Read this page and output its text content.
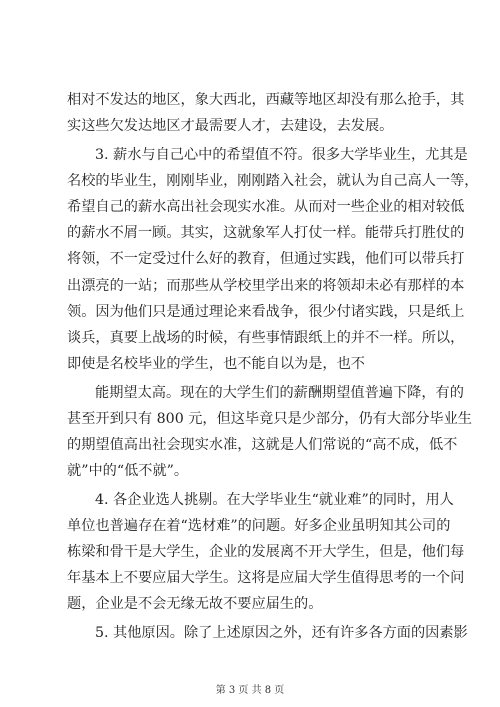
相对不发达的地区，象大西北，西藏等地区却没有那么抢手，其
实这些欠发达地区才最需要人才，去建设，去发展。
3. 薪水与自己心中的希望值不符。很多大学毕业生，尤其是
名校的毕业生，刚刚毕业，刚刚踏入社会，就认为自己高人一等，
希望自己的薪水高出社会现实水准。从而对一些企业的相对较低
的薪水不屑一顾。其实，这就象军人打仗一样。能带兵打胜仗的
将领，不一定受过什么好的教育，但通过实践，他们可以带兵打
出漂亮的一站；而那些从学校里学出来的将领却未必有那样的本
领。因为他们只是通过理论来看战争，很少付诸实践，只是纸上
谈兵，真要上战场的时候，有些事情跟纸上的并不一样。所以，
即使是名校毕业的学生，也不能自以为是，也不
能期望太高。现在的大学生们的薪酬期望值普遍下降，有的
甚至开到只有 800 元，但这毕竟只是少部分，仍有大部分毕业生
的期望值高出社会现实水准，这就是人们常说的“高不成，低不
就”中的“低不就”。
4. 各企业选人挑剔。在大学毕业生“就业难”的同时，用人
单位也普遍存在着“选材难”的问题。好多企业虽明知其公司的
栋梁和骨干是大学生，企业的发展离不开大学生，但是，他们每
年基本上不要应届大学生。这将是应届大学生值得思考的一个问
题，企业是不会无缘无故不要应届生的。
5. 其他原因。除了上述原因之外，还有许多各方面的因素影
第 3 页 共 8 页
